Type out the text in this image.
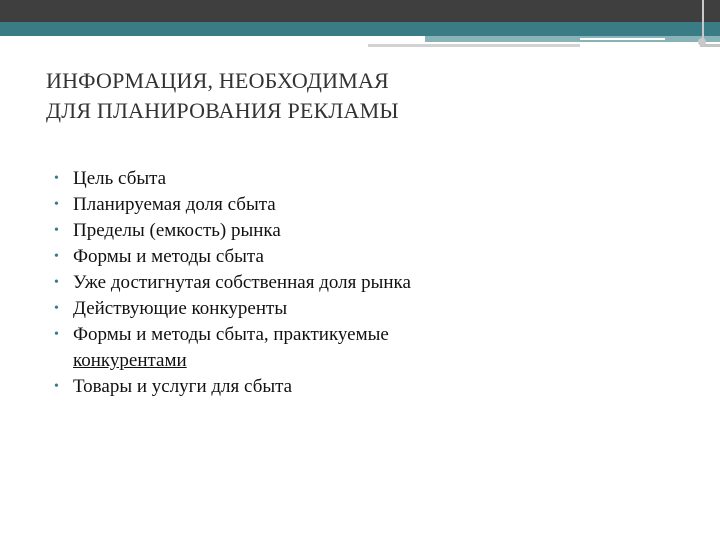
ИНФОРМАЦИЯ, НЕОБХОДИМАЯ
ДЛЯ ПЛАНИРОВАНИЯ РЕКЛАМЫ
• Цель сбыта
• Планируемая доля сбыта
• Пределы (емкость) рынка
• Формы и методы сбыта
• Уже достигнутая собственная доля рынка
• Действующие конкуренты
• Формы и методы сбыта, практикуемые
конкурентами
• Товары и услуги для сбыта
